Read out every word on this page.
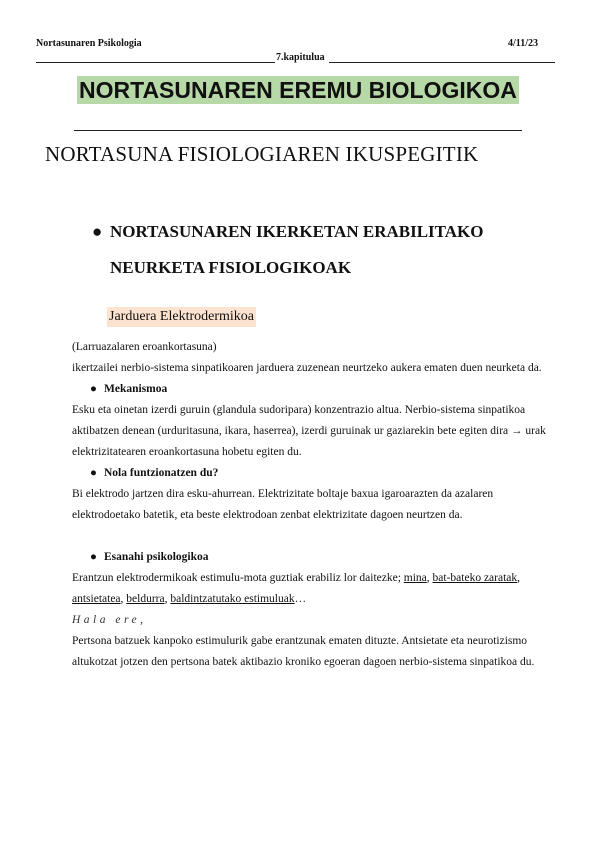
Nortasunaren Psikologia	4/11/23
7.kapitulua
NORTASUNAREN EREMU BIOLOGIKOA
NORTASUNA FISIOLOGIAREN IKUSPEGITIK
● NORTASUNAREN IKERKETAN ERABILITAKO
NEURKETA FISIOLOGIKOAK
Jarduera Elektrodermikoa
(Larruazalaren eroankortasuna)
ikertzailei nerbio-sistema sinpatikoaren jarduera zuzenean neurtzeko aukera ematen duen neurketa da.
● Mekanismoa
Esku eta oinetan izerdi guruin (glandula sudoripara) konzentrazio altua. Nerbio-sistema sinpatikoa
aktibatzen denean (urduritasuna, ikara, haserrea), izerdi guruinak ur gaziarekin bete egiten dira → urak
elektrizitatearen eroankortasuna hobetu egiten du.
● Nola funtzionatzen du?
Bi elektrodo jartzen dira esku-ahurrean. Elektrizitate boltaje baxua igaroarazten da azalaren
elektrodoetako batetik, eta beste elektrodoan zenbat elektrizitate dagoen neurtzen da.
● Esanahi psikologikoa
Erantzun elektrodermikoak estimulu-mota guztiak erabiliz lor daitezke; mina, bat-bateko zaratak,
antsietatea, beldurra, baldintzatutako estimuluak…
Hala ere,
Pertsona batzuek kanpoko estimulurik gabe erantzunak ematen dituzte. Antsietate eta neurotizismo
altukotzat jotzen den pertsona batek aktibazio kroniko egoeran dagoen nerbio-sistema sinpatikoa du.
